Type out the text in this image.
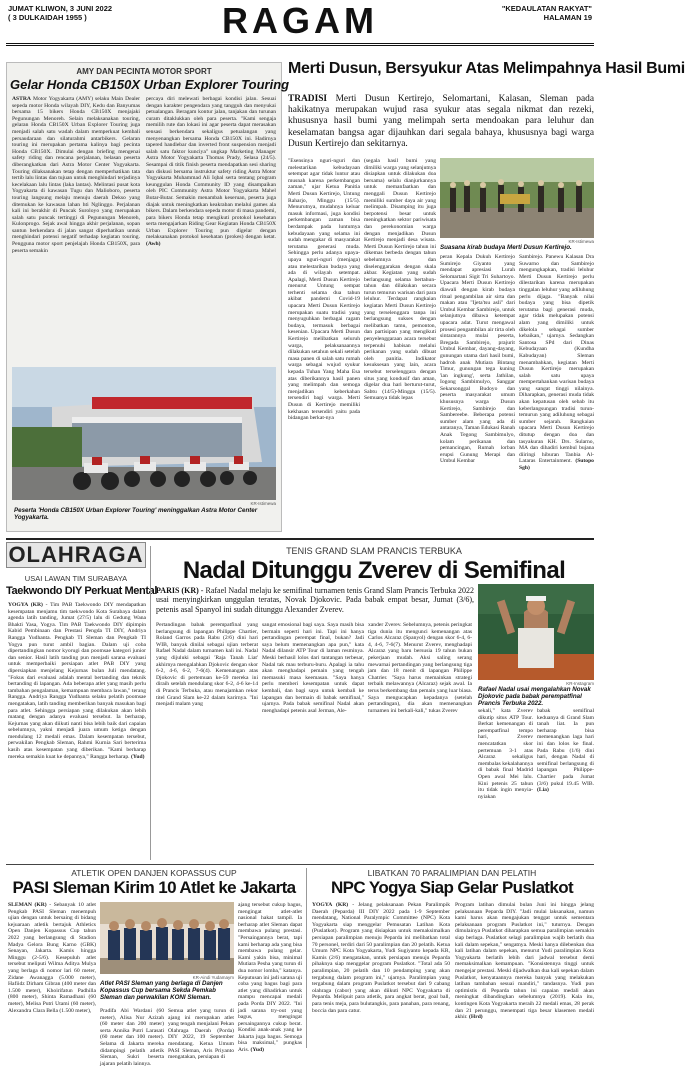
JUMAT KLIWON, 3 JUNI 2022
( 3 DULKAIDAH 1955 )	RAGAM	"KEDAULATAN RAKYAT"
HALAMAN 19
AMY DAN PECINTA MOTOR SPORT
Gelar Honda CB150X Urban Explorer Touring
ASTRA Motor Yogyakarta (AMY) selaku Main Dealer sepeda motor Honda wilayah DIY, Kedu dan Banyumas bersama 15 bikers Honda CB150X menjajaki Pegunungan Menoreh. Selain melaksanakan touring, gelaran Honda CB150X Urban Explorer Touring juga menjadi salah satu wadah dalam memperkuat kembali persaudaraan dan silaturahmi antarbikers. Gelaran touring ini merupakan pertama kalinya bagi pecinta Honda CB150X. Dimulai dengan briefing mengenai safety riding dan rencana perjalanan, belasan peserta diberangkatkan dari Astra Motor Center Yogyakarta. Touring dilaksanakan tetap dengan memperhatikan tata tertib lalu lintas dan tujuan untuk menghindari terjadinya kecelakaan lalu lintas (laka lantas). Melintasi pusat kota Yogyakarta di kawasan Tugu dan Malioboro, peserta touring langsung melaju menuju daerah Dekso yang ditemukan ke kawasan lahan hti Nglinggo. Perjalanan kali ini berakhir di Puncak Suroloyo yang merupakan salah satu puncak tertinggi di Pegunungan Menoreh, Kulonprogo. Sejak awal hingga akhir perjalanan, sopan santun berkendara di jalan sangat diperhatikan untuk menghindari potensi negatif terhadap kegiatan touring. Pengguna motor sport penjelajah Honda CB150X, para peserta semakin
percaya diri melewati berbagai kondisi jalan. Sesuai dengan karakter pengendara yang tangguh dan menyukai petualangan. Beragam kontur jalan, tanjakan dan turunan curam ditaklukkan oleh para peserta. "Kami sengaja memilih rute dan lokasi ini agar peserta dapat merasakan sensasi berkendara sekaligus petualangan yang menyenangkan bersama Honda CB150X ini. Hadirnya tapered handlebar dan inverted front suspension menjadi salah satu faktor kunciya" ungkap Marketing Manager Astra Motor Yogyakarta Thomas Prady, Selasa (24/5). Sesampai di titik finish peserta mendapatkan sesi sharing dan diskusi bersama instruktur safety riding Astra Motor Yogyakarta Muhammad Ali Iqbal serta tentang program keunggulan Honda Community ID yang disampaikan oleh PIC Community Astra Motor Yogyakarta Mahel Butar-Butar. Semakin menambah keseruan, peserta juga diajak untuk meningkatkan keakraban melalui games ala bikers. Dalam berkendara sepeda motor di masa pandemi, para bikers Honda tetap mengikuti protokol kesehatan serta mengajarkan Riding Gear Kegiatan Honda CB150X Urban Explorer Touring pun digelar dengan melaksanakan protokol kesehatan (prokes) dengan ketat. (Awh)
KR-Istimewa
Peserta 'Honda CB150X Urban Explorer Touring' meninggalkan Astra Motor Center Yogyakarta.
Merti Dusun, Bersyukur Atas Melimpahnya Hasil Bumi
TRADISI Merti Dusun Kertirejo, Selomartani, Kalasan, Sleman pada hakikatnya merupakan wujud rasa syukur atas segala nikmat dan rezeki, khususnya hasil bumi yang melimpah serta mendoakan para leluhur dan keselamatan bangsa agar dijauhkan dari segala bahaya, khususnya bagi warga Dusun Kertirejo dan sekitarnya.
"Esensinya nguri-nguri dan melestarikan kebudayaan setempat agar tidak luntur atau musnah karena perkembangan zaman," ujar Ketua Panitia Merti Dusun Kertirejo, Untung Raharjo, Minggu (15/5). Menurutnya, mudahnya keluar masuk informasi, juga kondisi perkembangan zaman bisa berdampak pada luntumya kebudayaan yang selama ini sudah mengakar di masyarakat terutama generasi muda. Sehingga perlu adanya upaya-upaya nguri-nguri (menjaga) atau melestarikan budaya yang ada di wilayah setempat. Apalagi, Merti Dusun Kertirejo menurut Untung sempat terhenti selama dua tahun akibat pandemi Covid-19 upacara Merti Dusun Kertirejo merupakan suatu tradisi yang menyuguhkan berbagai ragam budaya, termasuk berbagai kesenian. Upacara Merti Dusun Kertirejo melibatkan seluruh warga, pelaksanaannya dilakukan setahun sekali setelah masa panen di salah satu rumah warga sebagai wujud syukur kepada Tuhan Yang Maha Esa atas diberikannya hasil panen yang melimpah dan semoga menjadikan keberkahan tersendiri bagi warga. Merti Dusun di Kertirejo memiliki kekhasan tersendiri yaitu pada bidangan berkat-nya
(segala hasil bumi yang dimiliki warga yang selanjutnya disiapkan untuk dilakukan doa bersama) selalu dianjurkannya untuk memanfaatkan dan menggali Dusun Kertirejo memiliki sumber daya air yang melimpah. Disamping itu juga berpotensi besar untuk meningkatkan sektor pariwisata dan perekonomian warga dengan menjadikan Dusun Kertirejo menjadi desa wisata. Merti Dusun Kertirejo tahun ini dikemas berbeda dengan tahun sebelumnya dan diselenggarakan dengan skala akbar. Kegiatan yang sudah berlangsung selama bertahun-tahun dan dilakukan secara turun temurun warisan dari para leluhur. Terdapat rangkaian kegiatan Merti Dusun Kertirejo yang terselenggara tanpa ini berlangsung sukses dengan melibatkan tamu, pemonton, dan partisipan yang mengikuti penyelenggaraan acara tersebut terpenuhi habisan melalui perikanan yang sudah dibuat oleh panitia. Indikator kesuksesan yang lain, acara tersebut terselenggara dengan situs yang kondusif dan aman, digelar dua hari berturut-turut, Sabtu (14/5)-Minggu (15/5). Semuanya tidak lepas
KR-Istimewa
Suasana kirab budaya Merti Dusun Kertirejo.
peran Kepala Dukuh Kertirejo Sumirejo Giyanto yang mendapat apresiasi Lurah Selomartani Sigit Tri Suhartoyo. Upacara Merti Dusun Kertirejo diawali dengan kirab budaya ritual pengambilan air sirta dan makan atau "Ijeta'tsu asli" dari Umbul Kembar Sambirejo, untuk selanjutnya dibawa ketempat upacara adat. Turut mengawal prosesi pengambilan air tirta oleh sintarannya mulai peserta, Bregada Sambirejo, prajurit Umbul Kembar, dayang-dayang, gunungan utama dari hasil bumi, hadroh anak Mutiara Bintang Timur, gunungan tega kuning 'ian ingkung', serta Jathilan, Iogong Sambimulyo, Sanggar Sekarsonggal Budoyo dan peserta masyarakat umum khususnya warga Dusun Kertirejo, Sambirejo dan Sambereebe. Beberapa potensi sumber alam yang ada di antaranya, Taman Edukasi Ranah Anak Tegong Sambimulyo, kolam perikanan dan pemancingan, Rumah lorban erupsi Gunung Merapi dan Umbul Kembar
Sambirejo. Panewu Kalasan Dra Suwarno dan Sambirejo mengungkapkan, tradisi leluhur Merti Dusun Kertirejo perlu dilestarikan karena merupakan tinggalan leluhur yang adiluhung perlu dijaga. "Banyak nilai budaya yang bisa dipetik terutama bagi generasi muda, agar tidak melupakan potensi alam yang dimiliki untuk dikelola sebagai sumber kebaikan," ujarnya. Sedangkan Santosa SPd dari Dinas Kebudayaan (Kundha Kabudayan) Sleman menambahkan, kegiatan Merti Dusun Kertirejo merupakan salah satu upaya mempertahankan warisan budaya yang sangat tinggi nilainya. Diharapkan, generasi muda tidak akan kepatusan oleh sebab itu keberlangsungan tradisi turun-temurun yang adiluhung sebagai sumber sejarah. Rangkaian upacara Merti Dusun Kertirejo ditutup dengan doa dan tasyakuran KH. Drs. Sularno, MA dan dihadiri kembul bujana diiringi hiburan Tanbia Al-Lataras Entertainment. (Sutopo Sgh)
OLAHRAGA
USAI LAWAN TIM SURABAYA
Taekwondo DIY Perkuat Mental
YOGYA (KR) - Tim PAB Taekwondo DIY mendapatkan kesempatan menjamu tim taekwondo Kota Surabaya dalam agenda latih tanding, Jumat (27/5) lalu di Gedung Wana Bhakti Yasa, Yogya. Tim PAB Taekwondo DIY dipimpin Kabid Pembinaan dan Prestasi Pengda TI DIY, Andriya Rangga Yudhanta. Pengkab TI Sleman dan Pengkab TI Yogya pun turut ambil bagian. Dalam uji coba dipertandingkan nomor kyorugi dan poomsae kategori junior dan senior. Hasil latih tanding pun menjadi sarana evaluasi untuk memperbaiki persiapan atlet PAB DIY yang dipersiapkan menjelang Kejurnas bulan Juli mendatang. "Fokus dari evaluasi adalah mental bertanding dan teknik bertanding di lapangan. Ada beberapa atlet yang masih perlu tambahan pengalaman, kemampuan membaca lawan," terang Rangga. Andriya Rangga Yudhanta selaku pelatih poomsae mengatakan, latih tanding memberikan banyak masukan bagi para atlet. Sehingga persiapan yang dilakukan akan lebih matang dengan adanya evaluasi tersebut. Ia berharap, Kejurnas yang akan diikuti nanti bisa lebih baik dari capaian sebelumnya, yakni menjadi juara umum ketiga dengan mendulang 12 medali emas. Dalam kesempatan tersebut, perwakilan Pengkab Sleman, Rahmi Kurnia Sari berterima kasih atas kesempatan yang diberikan. "Kami berharap mereka semakin kuat ke depannya," Rangga berharap. (Yud)
TENIS GRAND SLAM PRANCIS TERBUKA
Nadal Ditunggu Zverev di Semifinal
PARIS (KR) - Rafael Nadal melaju ke semifinal turnamen tenis Grand Slam Prancis Terbuka 2022 usai menyingkirkan unggulan teratas, Novak Djokovic. Pada babak empat besar, Jumat (3/6), petenis asal Spanyol ini sudah ditunggu Alexander Zverev.
Pertandingan babak perempatfinal yang berlangsung di lapangan Philippe Chartier, Roland Garros pada Rabu (2/6) dini hari WIB, banyak dinilai sebagai ujian terberat Rafael Nadal dalam turnamen kali ini. Nadal yang dijuluki sebagai 'Raja Tanah Liat' akhirnya mengalahkan Djokovic dengan skor 6-2, 4-6, 6-2, 7-6(4). Kemenangan atas Djokovic di pertemuan ke-59 mereka ini diraih setelah mendulang skor 6-2, 4-6 ke-14 di Prancis Terbuka, atau menajamkan rekor titel Grand Slam ke-22 dalam karirnya. "Ini menjadi malam yang
sangat emosional bagi saya. Saya masih bisa bermain seperti hari ini. Tapi ini hanya pertandingan perempat final, bukan? Jadi saya belum memenangkan apa pun," kata Nadal dilansir ATP Tour di laman resminya. Meski berhasil lolos dari tantangan terbesar, Nadal tak mau terburu-buru. Apalagi ia tahu akan menghadapi pemain yang tengah memasuki masa keemasan. "Saya hanya perlu memberi kesempatan untuk dapat kembali, dan bagi saya untuk kembali ke lapangan dan bermain di babak semifinal," ujarnya. Pada babak semifinal Nadal akan menghadapi petenis asal Jerman, Ale-
xander Zverev. Sebelumnya, petenis peringkat tiga dunia itu mengunci kemenangan atas Carlos Alcaraz (Spanyol) dengan skor 6-4, 6-4, 4-6, 7-6(7). Menurut Zverev, menghadapi Alcaraz yang baru bersusia 19 tahun bukan pekerjaan mudah. Aksi saling serang mewarnai pertandingan yang berlangsung tiga jam dan 18 menit di lapangan Philippe Chatrier. "Saya harus memainkan strategi terbaik melawannya (Alcaraz) sejak awal. Ia terus berkembang dan pemain yang luar biasa. Saya mengucapkan kepadanya (setelah pertandingan), dia akan memenangkan turnamen ini berkali-kali," tukas Zverev
KR-Instagram
Rafael Nadal usai mengalahkan Novak Djokovic pada babak perempatfinal Prancis Terbuka 2022.
sekali," kata Zverev dikutip situs ATP Tour. Berkat kemenangan di perempatfinal tempo hari, Zverev mencatatkan skor pertemuan 3-1 atas Alcaraz sekaligus membalas kekalahannya di babak final Madrid Open awal Mei lalu. Kini petenis 25 tahun itu tidak ingin menyia-nyiakan
babak semifinal keduanya di Grand Slam tanah liat. Ia pun berharap bisa memenangkan laga hari ini dan lolos ke final. Pada Rabu (1/6) dini hari, dengan Nadal di semifinal berlangsung di lapangan Philippe-Chartier pada Jumat (3/6) pukul 19.45 WIB. (Lia)
ATLETIK OPEN DANJEN KOPASSUS CUP
PASI Sleman Kirim 10 Atlet ke Jakarta
SLEMAN (KR) - Sebanyak 10 atlet Pengkab PASI Sleman menempuh ujian dengan untuk bersaing di bidang kejuaraan atletik bertajuk Athletics Open Danjen Kopassus Cup tahun 2022 yang berlangsung di Stadion Madya Gelora Bung Karno (GBK) Senayan, Jakarta. Kamis hingga Minggu (2-5/6). Kesepuluh atlet tersebut meliputi Wilma Aditya Mulya yang berlaga di nomor lari 60 meter, Zidane Awanagga (5.000 meter), Hafiidz Dirham Gibran (400 meter dan 1.500 meter), Khoirifatun Padhilla (800 meter), Shinta Ramadhani (60 meter), Melisa Putri Utami (60 meter), Alexandra Clara Bella (1.500 meter),
KR-Aindi Yudamaym
Atlet PASI Sleman yang berlaga di Danjen Kopassus Cup bersama Sekda Pemkab Sleman dan perwakilan KONI Sleman.
Pradifa Abi Wardani (60 meter), Alisa Nur Azizah (60 meter dan 200 meter) serta Annika Putri Larasati (60 meter dan 100 meter). Selama di Jakarta mereka didampingi pelatih atletik Sleman, Sukri beserta jajaran pelatih lainnya.
Semua atlet yang turun di ajang ini merupakan atlet yang tengah menjalani Pekan Olahraga Daerah (Porda) DIY 2022, 19 September mendatang. Ketua Umum PASI Sleman, Aris Priyanto mengatakan, persiapan di
ajang tersebut cukup bagus, mengingat atlet-atlet nasional hakat tampil. Ia berharap atlet Sleman dapat membawa pulang prestasi. "Persaingannya berat, tapi kami berharap ada yang bisa membawa pulang gelar. Kami yakin bisa, minimal Mutiara Pesha yang turun di dua nomor lomba," katanya. Keputusan ini jadi sarana uji coba yang bagus bagi para atlet yang dihadirkan untuk mampu mencapai medali pada Porda DIY 2022. "Ini jadi sarana try-out yang bagus, mengingat persaingannya cukup berat. Kondisi anak-anak yang ke Jakarta juga bagus. Semoga bisa maksimal," pungkas Aris. (Yud)
LIBATKAN 70 PARALIMPIAN DAN PELATIH
NPC Yogya Siap Gelar Puslatkot
YOGYA (KR) - Jelang pelaksanaan Pekan Paralimpik Daerah (Peparda) III DIY 2022 pada 1-9 September mendatang, National Paralympic Committee (NPC) Kota Yogyakarta siap menggelar Pemusatan Latihan Kota (Puslatkot). Program yang disiapkan untuk memaksimalkan persiapan paralimpian menuju Peparda ini melibatkan total 70 personel, terdiri dari 50 paralimpian dan 20 pelatih. Ketua Umum NPC Kota Yogyakarta, Yudi Sugiyanto kepada KR, Kamis (2/6) mengatakan, untuk persiapan menuju Peparda pihaknya siap menggelar program Puslatkot. "Total ada 50 paralimpian, 20 pelatih dan 10 pendamping yang akan tergabung dalam program ini," ujarnya. Paralimpian yang tergabung dalam program Puslatkot tersebut dari 9 cabang olahraga (cabor) yang akan diikuti NPC Yogyakarta di Peparda. Melipuit para atletik, para angkat berat, goal ball, para tenis meja, para bulutangkis, para panahan, para renang, boccia dan para catur.
Program latihan dimulai bulan Juni ini hingga jelang pelaksanaan Peparda DIY. "Jadi mulai laksanakan, namun kami harus akan mengajukan tenggat untuk sementara pelaksanaan program Puslatkot ini," tuturnya. Dengan dimulainya Puslatkot diharapkan semua paralimpian semakin siap berlaga. Puslatkot selagi paralimpian wajib berlatih dua kali dalam sepekan," sengatnya. Meski hanya dilebenkan dua kali latihan dalam sepekan, menurut Yudi paralimpian Kota Yogyakarta berlatih lebih dari jadwal tersebut demi memaksimalkan kemampuan. "Konsistennya tinggi untuk mengejar prestasi. Meski dijadwalkan dua kali sepekan dalam Puslatkot, kenyataannya mereka banyak yang melakukan latihan tambahan sesuai mandiri," tandasnya. Yudi pun optimistis di Peparda tahun ini capaian medali akan meningkat dibandingkan sebelumnya (2019). Kala itu, kontingen Kota Yogyakarta meraih 22 medali emas, 28 perak dan 21 perunggu, menempati tiga besar klasemen medali akhir. (Hrd)
